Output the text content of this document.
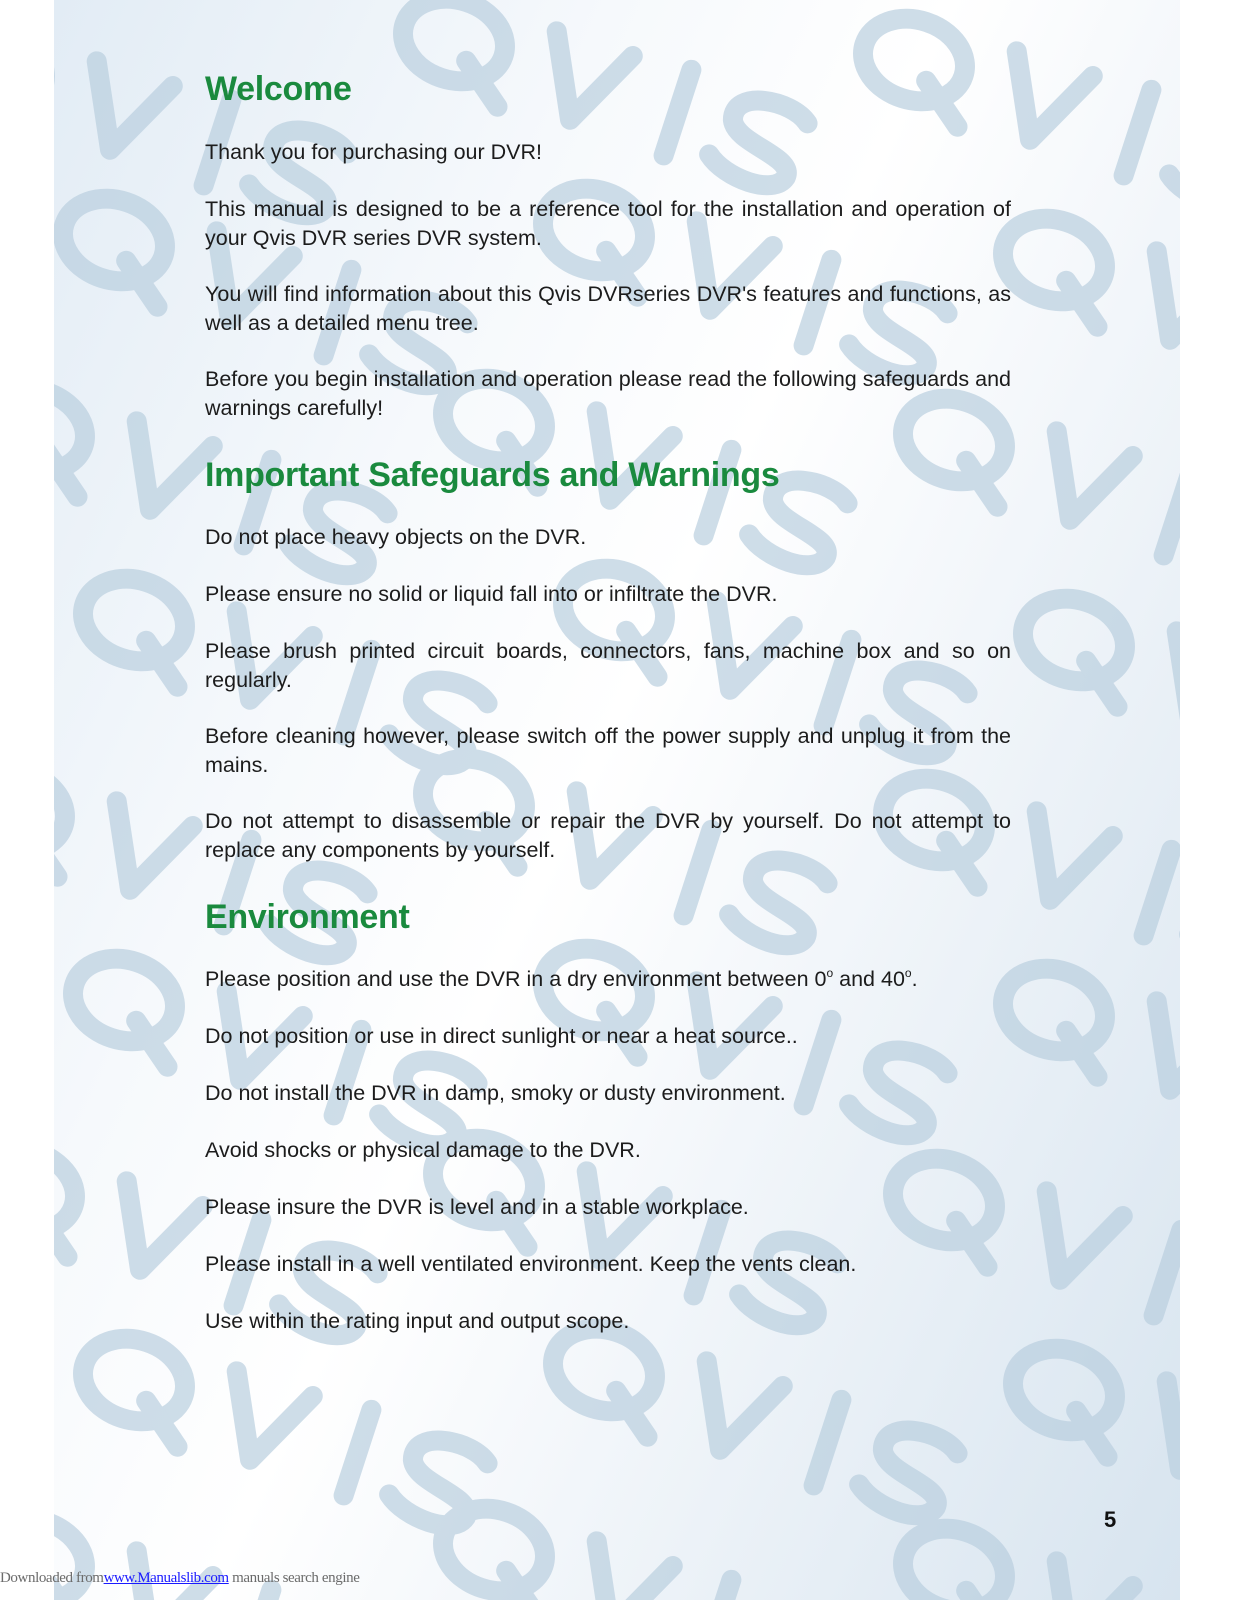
Welcome

Thank you for purchasing our DVR!

This manual is designed to be a reference tool for the installation and operation of your Qvis DVR series DVR system.

You will find information about this Qvis DVRseries DVR's features and functions, as well as a detailed menu tree.

Before you begin installation and operation please read the following safeguards and warnings carefully!

Important Safeguards and Warnings

Do not place heavy objects on the DVR.

Please ensure no solid or liquid fall into or infiltrate the DVR.

Please brush printed circuit boards, connectors, fans, machine box and so on regularly.

Before cleaning however, please switch off the power supply and unplug it from the mains.

Do not attempt to disassemble or repair the DVR by yourself. Do not attempt to replace any components by yourself.

Environment

Please position and use the DVR in a dry environment between 0$^o$ and 40$^o$.

Do not position or use in direct sunlight or near a heat source..

Do not install the DVR in damp, smoky or dusty environment.

Avoid shocks or physical damage to the DVR.

Please insure the DVR is level and in a stable workplace.

Please install in a well ventilated environment. Keep the vents clean.

Use within the rating input and output scope.

5
Downloaded fromwww.Manualslib.com manuals search engine
